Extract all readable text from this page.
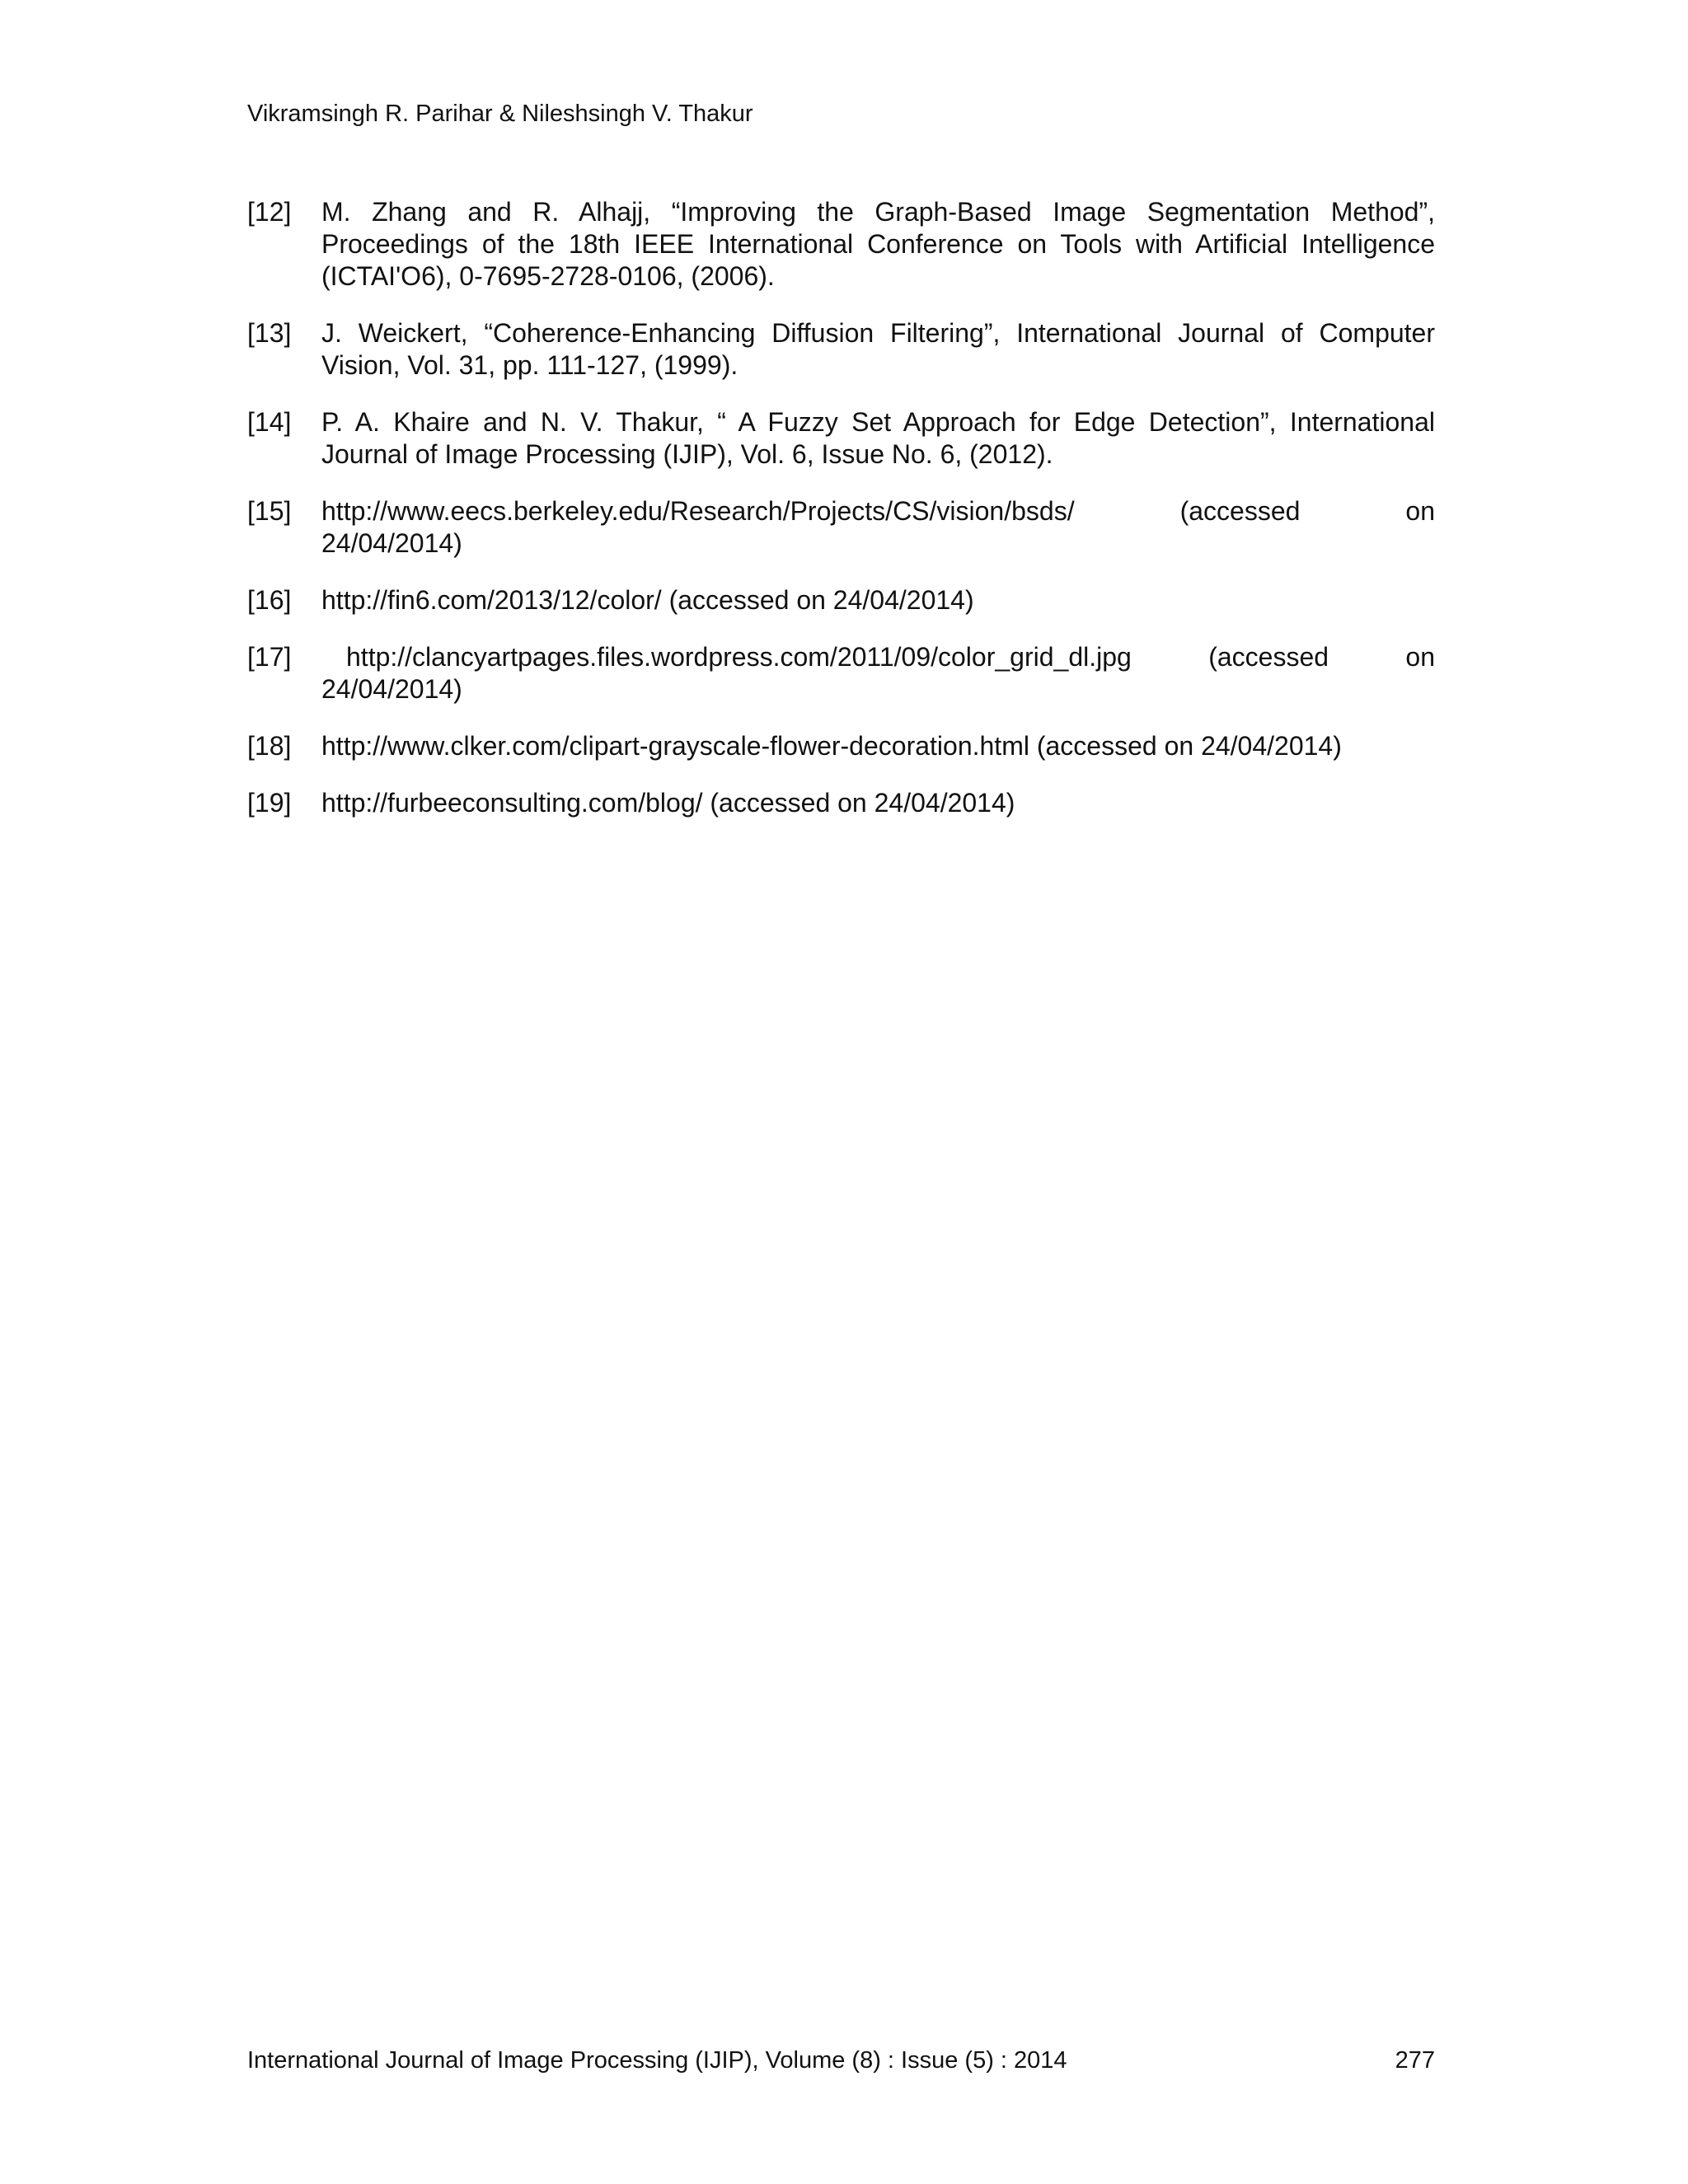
Vikramsingh R. Parihar & Nileshsingh V. Thakur
[12]	M. Zhang and R. Alhajj, “Improving the Graph-Based Image Segmentation Method”, Proceedings of the 18th IEEE International Conference on Tools with Artificial Intelligence (ICTAI'O6), 0-7695-2728-0106, (2006).
[13]	J. Weickert, “Coherence-Enhancing Diffusion Filtering”, International Journal of Computer Vision, Vol. 31, pp. 111-127, (1999).
[14]	P. A. Khaire and N. V. Thakur, “ A Fuzzy Set Approach for Edge Detection”, International Journal of Image Processing (IJIP), Vol. 6, Issue No. 6, (2012).
[15]	http://www.eecs.berkeley.edu/Research/Projects/CS/vision/bsds/ (accessed on
24/04/2014)
[16]	http://fin6.com/2013/12/color/ (accessed on 24/04/2014)
[17]	http://clancyartpages.files.wordpress.com/2011/09/color_grid_dl.jpg (accessed on
24/04/2014)
[18]	http://www.clker.com/clipart-grayscale-flower-decoration.html (accessed on 24/04/2014)
[19]	http://furbeeconsulting.com/blog/ (accessed on 24/04/2014)
International Journal of Image Processing (IJIP), Volume (8) : Issue (5) : 2014	277
